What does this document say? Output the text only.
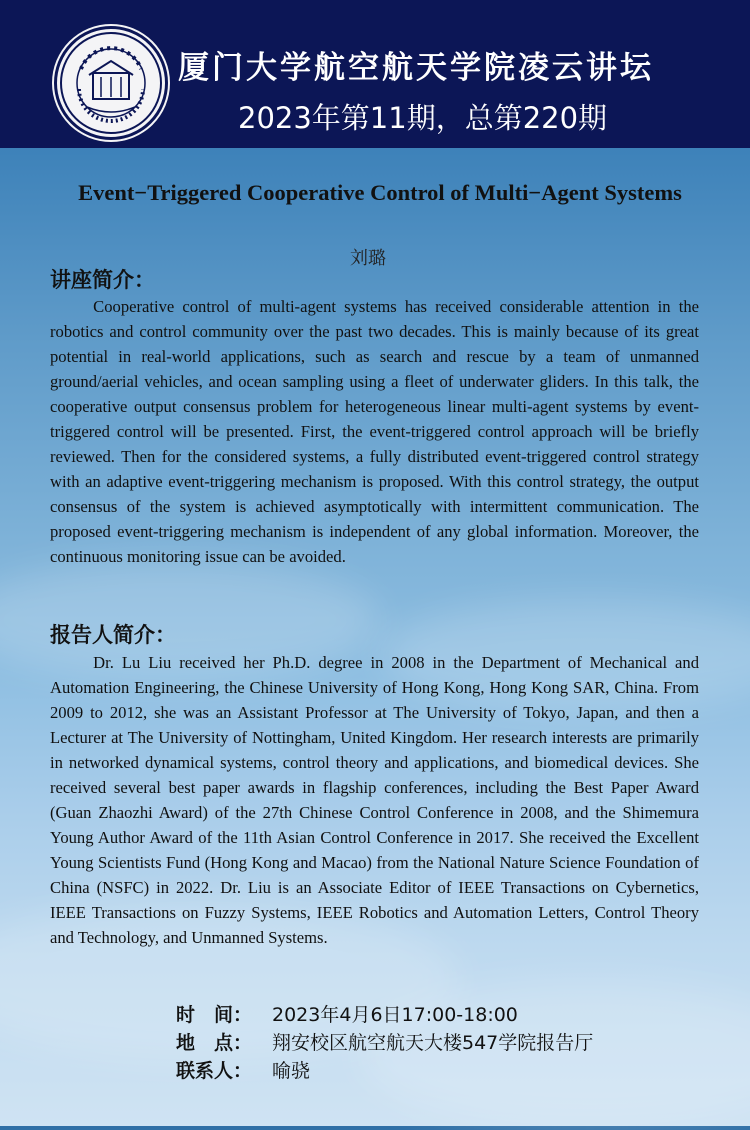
厦门大学航空航天学院凌云讲坛
2023年第11期，总第220期
Event−Triggered Cooperative Control of Multi−Agent Systems
刘璐
讲座简介：
Cooperative control of multi-agent systems has received considerable attention in the robotics and control community over the past two decades. This is mainly because of its great potential in real-world applications, such as search and rescue by a team of unmanned ground/aerial vehicles, and ocean sampling using a fleet of underwater gliders. In this talk, the cooperative output consensus problem for heterogeneous linear multi-agent systems by event-triggered control will be presented. First, the event-triggered control approach will be briefly reviewed. Then for the considered systems, a fully distributed event-triggered control strategy with an adaptive event-triggering mechanism is proposed. With this control strategy, the output consensus of the system is achieved asymptotically with intermittent communication. The proposed event-triggering mechanism is independent of any global information. Moreover, the continuous monitoring issue can be avoided.
报告人简介：
Dr. Lu Liu received her Ph.D. degree in 2008 in the Department of Mechanical and Automation Engineering, the Chinese University of Hong Kong, Hong Kong SAR, China. From 2009 to 2012, she was an Assistant Professor at The University of Tokyo, Japan, and then a Lecturer at The University of Nottingham, United Kingdom. Her research interests are primarily in networked dynamical systems, control theory and applications, and biomedical devices. She received several best paper awards in flagship conferences, including the Best Paper Award (Guan Zhaozhi Award) of the 27th Chinese Control Conference in 2008, and the Shimemura Young Author Award of the 11th Asian Control Conference in 2017. She received the Excellent Young Scientists Fund (Hong Kong and Macao) from the National Nature Science Foundation of China (NSFC) in 2022. Dr. Liu is an Associate Editor of IEEE Transactions on Cybernetics, IEEE Transactions on Fuzzy Systems, IEEE Robotics and Automation Letters, Control Theory and Technology, and Unmanned Systems.
时　间： 2023年4月6日17:00-18:00
地　点： 翔安校区航空航天大楼547学院报告厅
联系人： 喻骁
